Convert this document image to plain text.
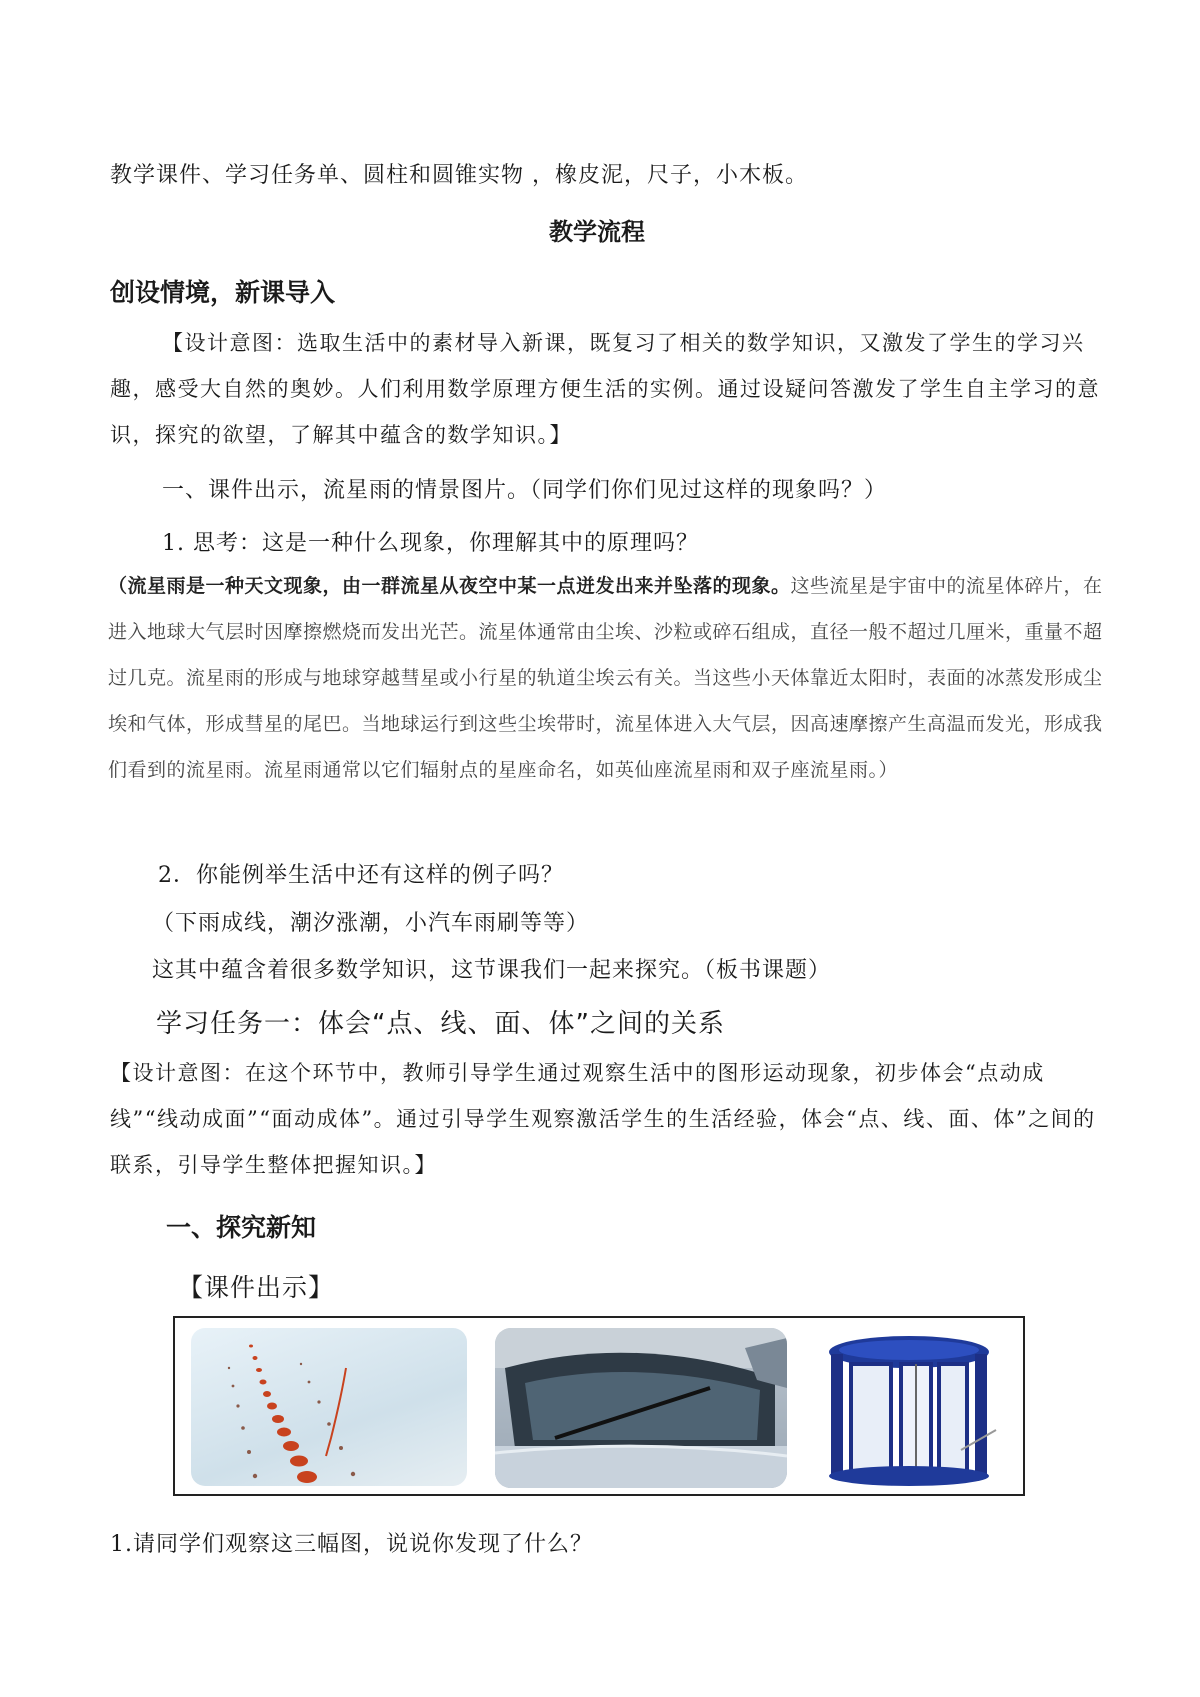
教学课件、学习任务单、圆柱和圆锥实物 ，橡皮泥，尺子，小木板。
教学流程
创设情境，新课导入
【设计意图：选取生活中的素材导入新课，既复习了相关的数学知识，又激发了学生的学习兴趣，感受大自然的奥妙。人们利用数学原理方便生活的实例。通过设疑问答激发了学生自主学习的意识，探究的欲望，了解其中蕴含的数学知识。】
一、课件出示，流星雨的情景图片。（同学们你们见过这样的现象吗？）
1. 思考：这是一种什么现象，你理解其中的原理吗？
（流星雨是一种天文现象，由一群流星从夜空中某一点迸发出来并坠落的现象。这些流星是宇宙中的流星体碎片，在进入地球大气层时因摩擦燃烧而发出光芒。流星体通常由尘埃、沙粒或碎石组成，直径一般不超过几厘米，重量不超过几克。流星雨的形成与地球穿越彗星或小行星的轨道尘埃云有关。当这些小天体靠近太阳时，表面的冰蒸发形成尘埃和气体，形成彗星的尾巴。当地球运行到这些尘埃带时，流星体进入大气层，因高速摩擦产生高温而发光，形成我们看到的流星雨。流星雨通常以它们辐射点的星座命名，如英仙座流星雨和双子座流星雨。）
2．你能例举生活中还有这样的例子吗？
（下雨成线，潮汐涨潮，小汽车雨刷等等）
这其中蕴含着很多数学知识，这节课我们一起来探究。（板书课题）
学习任务一：体会“点、线、面、体”之间的关系
【设计意图：在这个环节中，教师引导学生通过观察生活中的图形运动现象，初步体会“点动成线”“线动成面”“面动成体”。通过引导学生观察激活学生的生活经验，体会“点、线、面、体”之间的联系，引导学生整体把握知识。】
一、探究新知
【课件出示】
1.请同学们观察这三幅图，说说你发现了什么？
